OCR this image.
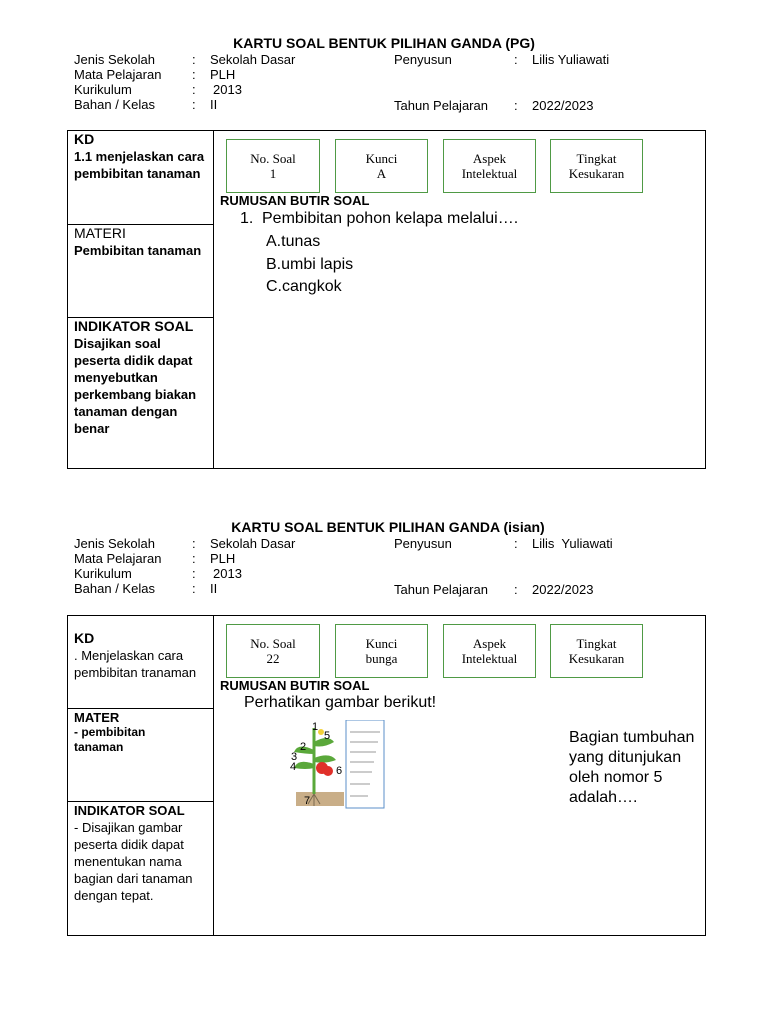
KARTU SOAL BENTUK PILIHAN GANDA (PG)
Jenis Sekolah
Mata Pelajaran
Kurikulum
Bahan / Kelas
:
:
:
:
Sekolah Dasar
PLH
2013
II
Penyusun	: Lilis Yuliawati
Tahun Pelajaran : 2022/2023
KD
1.1 menjelaskan cara pembibitan tanaman
MATERI
Pembibitan tanaman
INDIKATOR SOAL
Disajikan soal peserta didik dapat menyebutkan perkembang biakan tanaman dengan benar
No. Soal
1
Kunci
A
Aspek
Intelektual
Tingkat
Kesukaran
RUMUSAN BUTIR SOAL
1. Pembibitan pohon kelapa melalui….
A.tunas
B.umbi lapis
C.cangkok
KARTU SOAL BENTUK PILIHAN GANDA (isian)
Jenis Sekolah
Mata Pelajaran
Kurikulum
Bahan / Kelas
:
:
:
:
Sekolah Dasar
PLH
2013
II
Penyusun	: Lilis  Yuliawati
Tahun Pelajaran : 2022/2023
KD
. Menjelaskan cara pembibitan tranaman
MATER
- pembibitan tanaman
INDIKATOR SOAL
- Disajikan gambar peserta didik dapat menentukan nama bagian dari tanaman dengan tepat.
No. Soal
22
Kunci
bunga
Aspek
Intelektual
Tingkat
Kesukaran
RUMUSAN BUTIR SOAL
Perhatikan gambar berikut!
1
2
3
4
5
6
7
Bagian tumbuhan yang ditunjukan oleh nomor 5 adalah….
